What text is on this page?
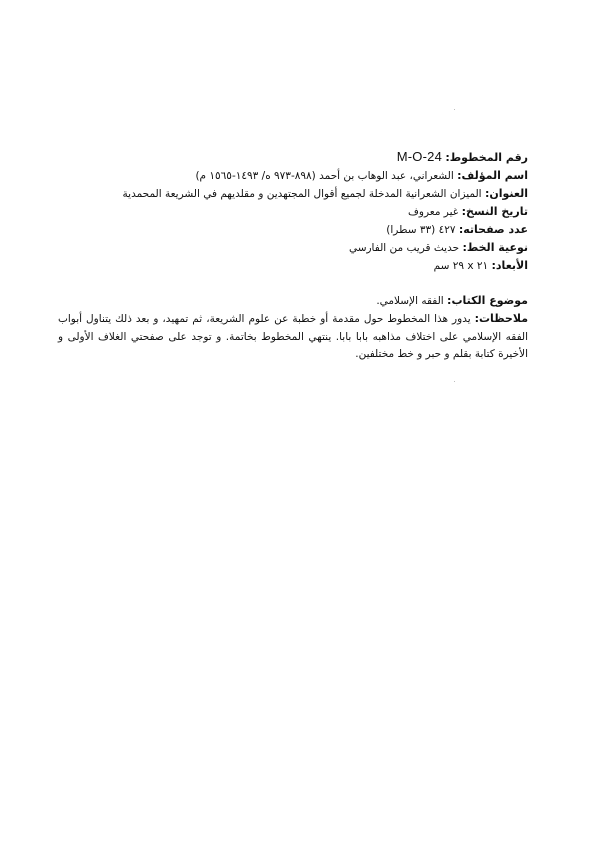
رقم المخطوط: M-O-24
اسم المؤلف: الشعراني، عبد الوهاب بن أحمد (٨٩٨-٩٧٣ ه/ ١٤٩٣-١٥٦٥ م)
العنوان: الميزان الشعرانية المدخلة لجميع أقوال المجتهدين و مقلديهم في الشريعة المحمدية
تاريخ النسخ: غير معروف
عدد صفحاته: ٤٢٧ (٣٣ سطرا)
نوعية الخط: حديث قريب من الفارسي
الأبعاد: ٢١ x ٢٩ سم
موضوع الكتاب: الفقه الإسلامي.
ملاحظات: يدور هذا المخطوط حول مقدمة أو خطبة عن علوم الشريعة، ثم تمهيد، و بعد ذلك يتناول أبواب الفقه الإسلامي على اختلاف مذاهبه بابا بابا. ينتهي المخطوط بخاتمة. و توجد على صفحتي الغلاف الأولى و الأخيرة كتابة بقلم و حبر و خط مختلفين.
